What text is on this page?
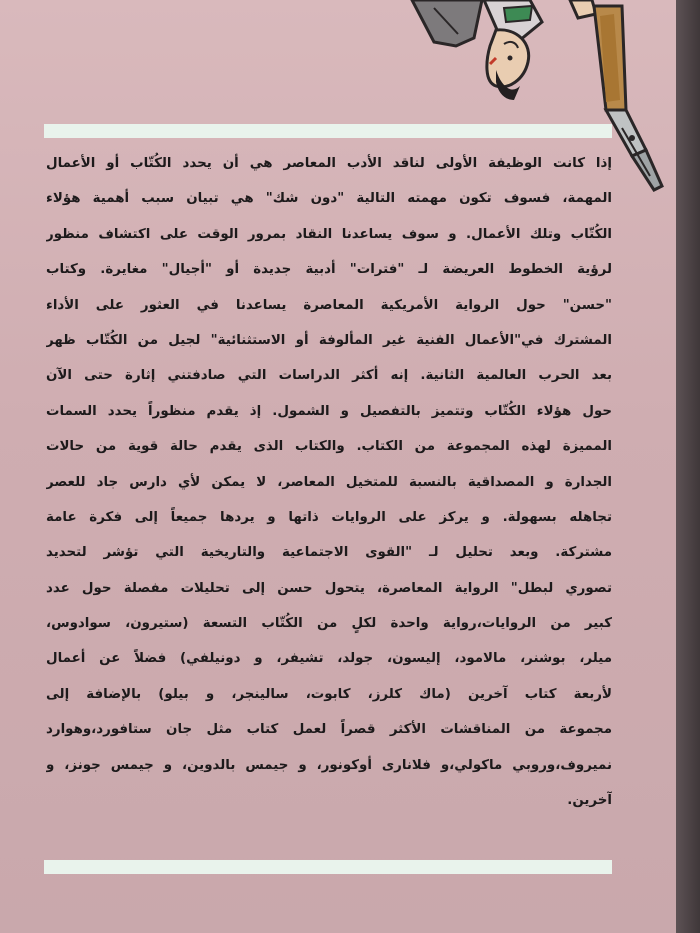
إذا كانت الوظيفة الأولى لناقد الأدب المعاصر هي أن يحدد الكُتّاب أو الأعمال
المهمة، فسوف تكون مهمته التالية "دون شك" هي تبيان سبب أهمية هؤلاء
الكُتّاب وتلك الأعمال. و سوف يساعدنا النقاد بمرور الوقت على اكتشاف منظور
لرؤية الخطوط العريضة لـ "فترات" أدبية جديدة أو "أجيال" مغايرة. وكتاب
"حسن" حول الرواية الأمريكية المعاصرة يساعدنا في العثور على الأداء
المشترك في"الأعمال الفنية غير المألوفة أو الاستثنائية" لجيل من الكُتّاب ظهر
بعد الحرب العالمية الثانية. إنه أكثر الدراسات التي صادفتني إثارة حتى الآن
حول هؤلاء الكُتّاب وتتميز بالتفصيل و الشمول. إذ يقدم منظوراً يحدد السمات
المميزة لهذه المجموعة من الكتاب. والكتاب الذى يقدم حالة قوية من حالات
الجدارة و المصداقية بالنسبة للمتخيل المعاصر، لا يمكن لأي دارس جاد للعصر
تجاهله بسهولة. و يركز على الروايات ذاتها و يردها جميعاً إلى فكرة عامة
مشتركة. وبعد تحليل لـ "القوى الاجتماعية والتاريخية التي تؤشر لتحديد
تصوري لبطل" الرواية المعاصرة، يتحول حسن إلى تحليلات مفصلة حول عدد
كبير من الروايات،رواية واحدة لكلٍ من الكُتّاب التسعة (ستيرون، سوادوس،
ميلر، بوشنر، مالامود، إليسون، جولد، تشيفر، و دونيلفي) فضلاً عن أعمال
لأربعة كتاب آخرين (ماك كلرز، كابوت، سالينجر، و بيلو) بالإضافة إلى
مجموعة من المناقشات الأكثر قصراً لعمل كتاب مثل جان ستافورد،وهوارد
نميروف،وروبي ماكولي،و فلانارى أوكونور، و جيمس بالدوين، و جيمس جونز، و
آخرين.
